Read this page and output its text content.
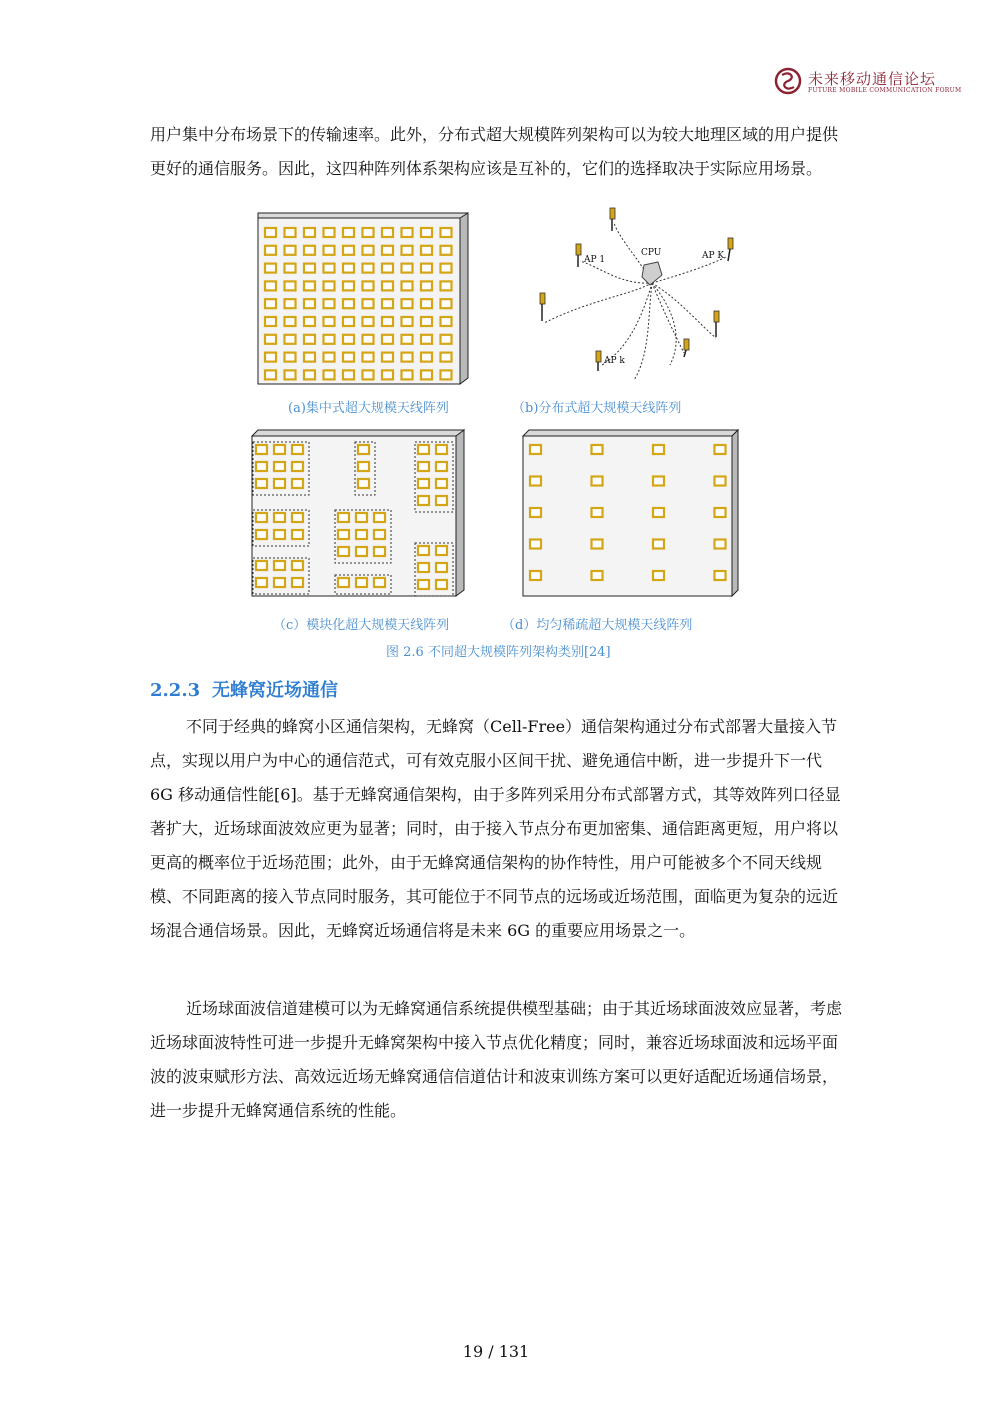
未来移动通信论坛
FUTURE MOBILE COMMUNICATION FORUM

用户集中分布场景下的传输速率。此外，分布式超大规模阵列架构可以为较大地理区域的用户提供更好的通信服务。因此，这四种阵列体系架构应该是互补的，它们的选择取决于实际应用场景。

CPU
AP 1	AP K
AP k
(a)集中式超大规模天线阵列	（b)分布式超大规模天线阵列
（c）模块化超大规模天线阵列	（d）均匀稀疏超大规模天线阵列
图 2.6 不同超大规模阵列架构类别[24]
2.2.3 无蜂窝近场通信

不同于经典的蜂窝小区通信架构，无蜂窝（Cell-Free）通信架构通过分布式部署大量接入节点，实现以用户为中心的通信范式，可有效克服小区间干扰、避免通信中断，进一步提升下一代 6G 移动通信性能[6]。基于无蜂窝通信架构，由于多阵列采用分布式部署方式，其等效阵列口径显著扩大，近场球面波效应更为显著；同时，由于接入节点分布更加密集、通信距离更短，用户将以更高的概率位于近场范围；此外，由于无蜂窝通信架构的协作特性，用户可能被多个不同天线规模、不同距离的接入节点同时服务，其可能位于不同节点的远场或近场范围，面临更为复杂的远近场混合通信场景。因此，无蜂窝近场通信将是未来 6G 的重要应用场景之一。

近场球面波信道建模可以为无蜂窝通信系统提供模型基础；由于其近场球面波效应显著，考虑近场球面波特性可进一步提升无蜂窝架构中接入节点优化精度；同时，兼容近场球面波和远场平面波的波束赋形方法、高效远近场无蜂窝通信信道估计和波束训练方案可以更好适配近场通信场景，进一步提升无蜂窝通信系统的性能。

19 / 131
